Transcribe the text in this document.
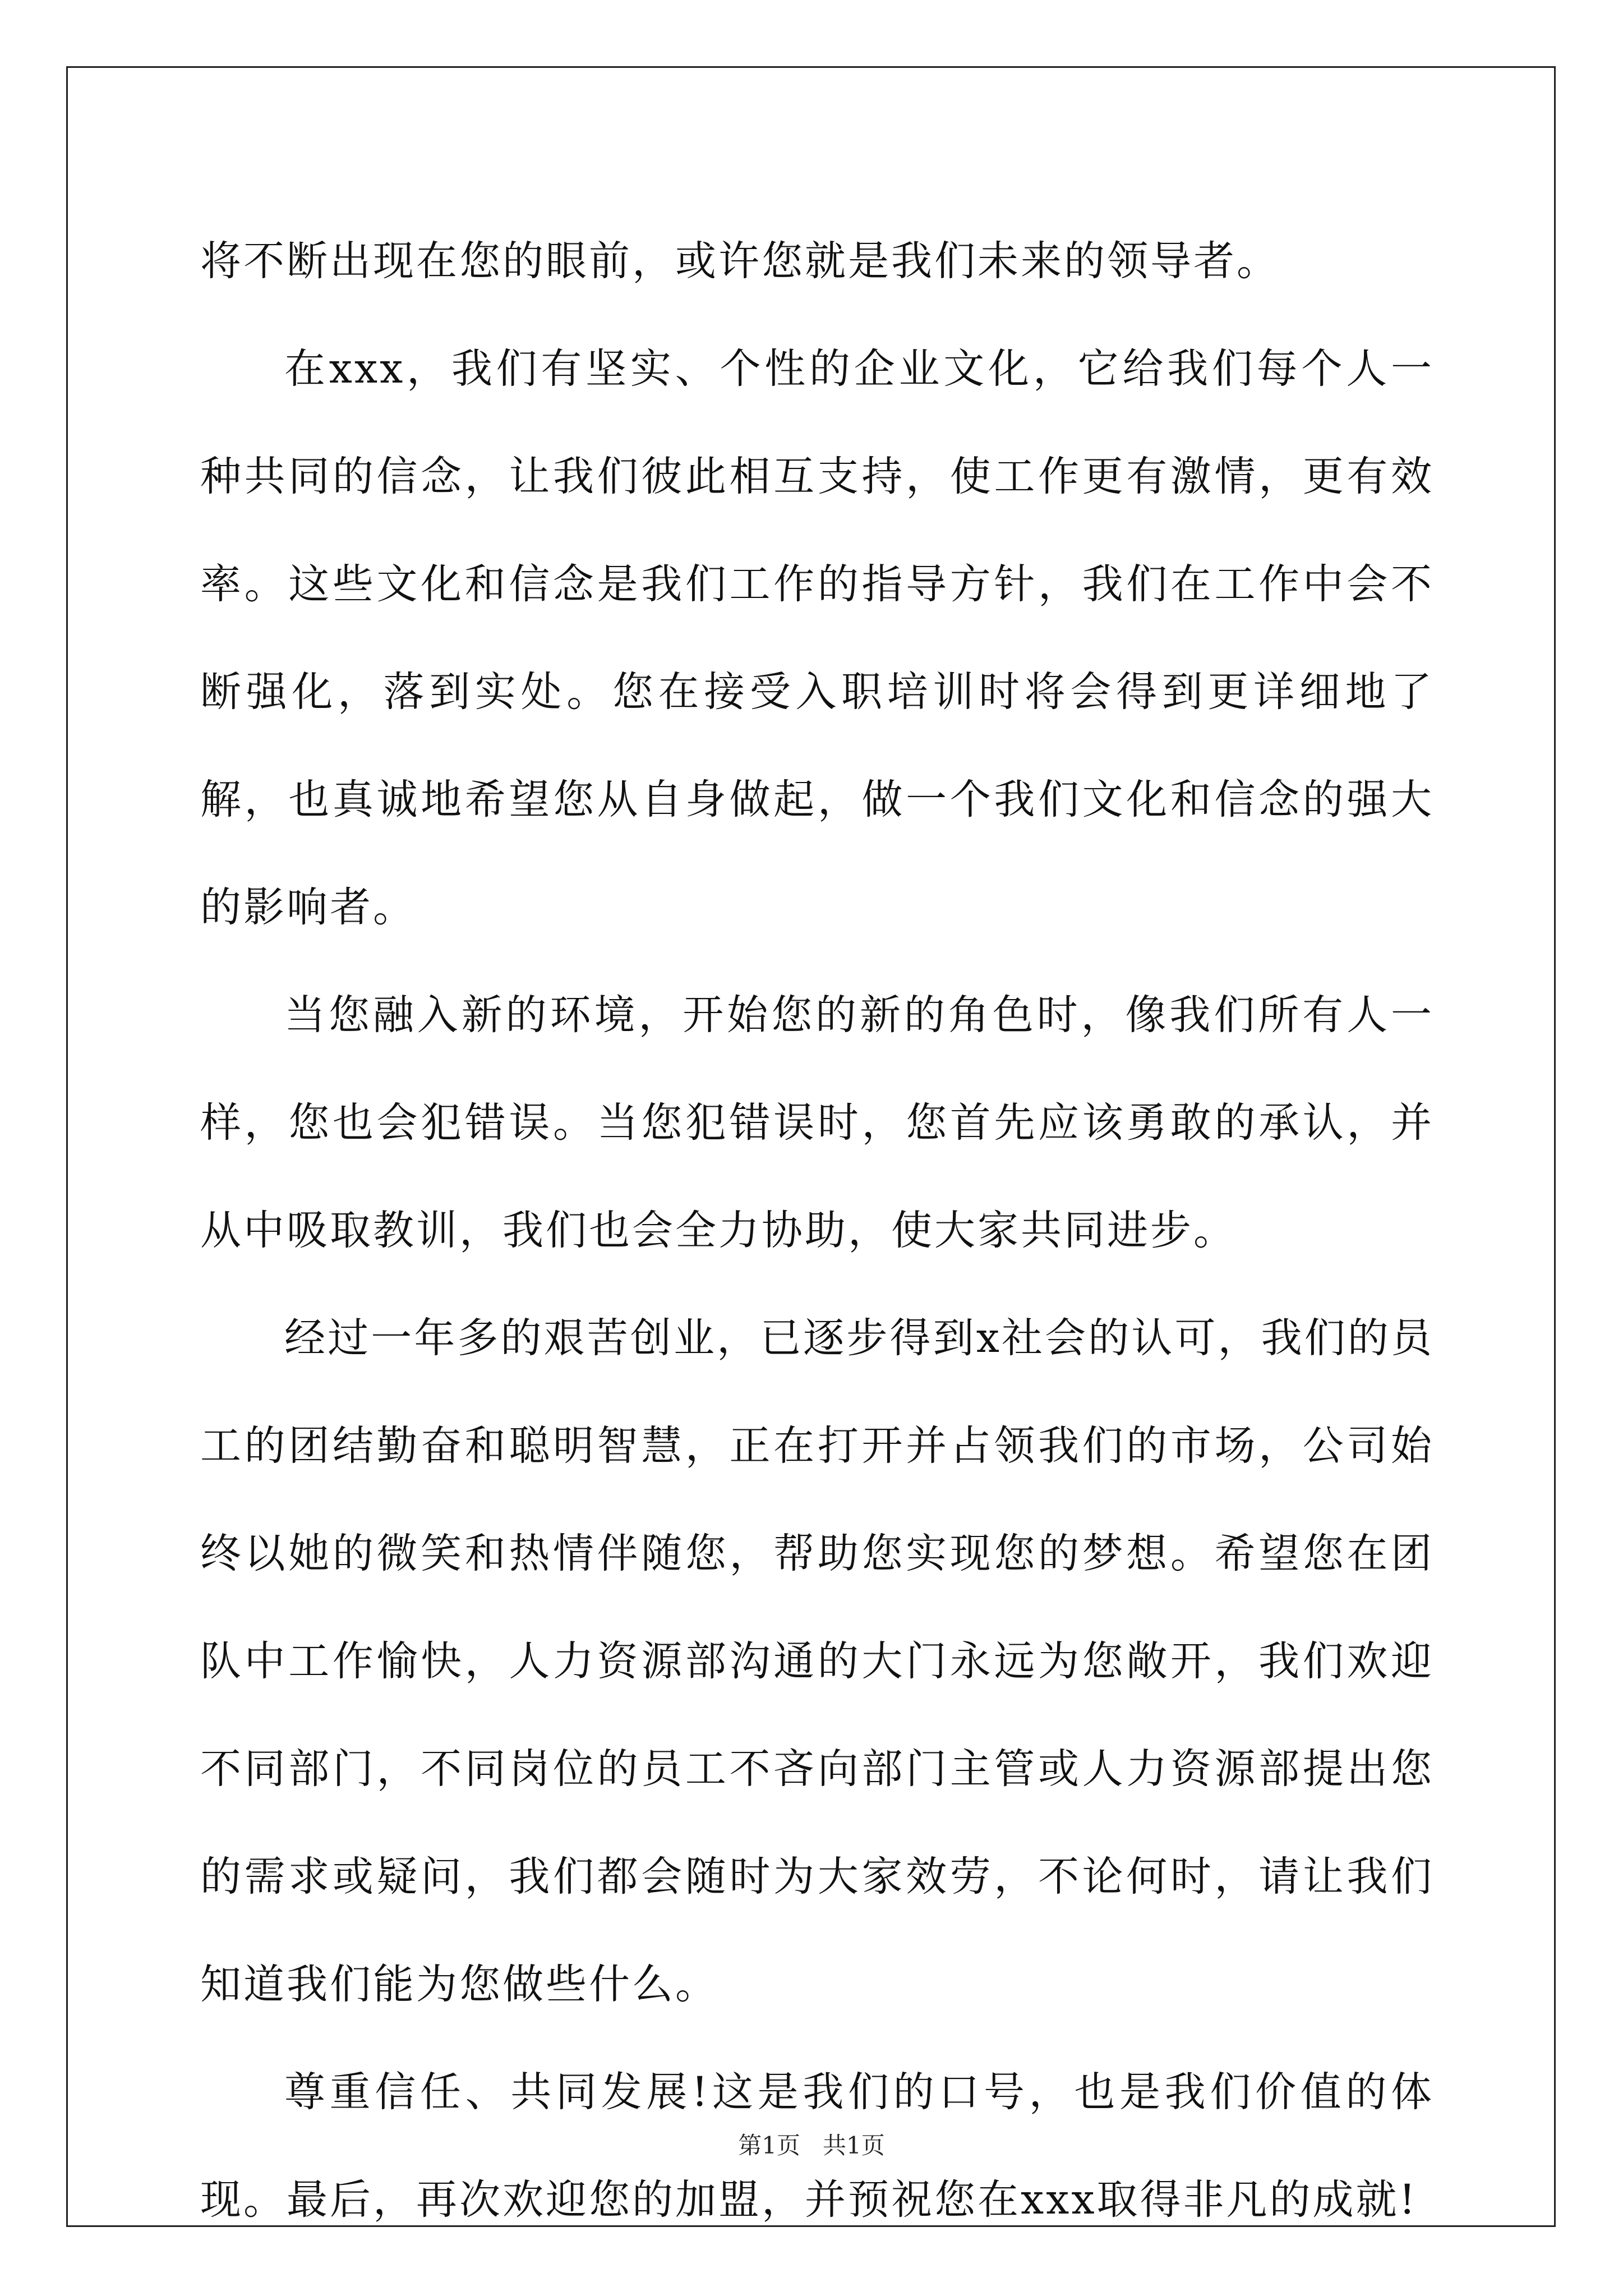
将不断出现在您的眼前，或许您就是我们未来的领导者。

在xxx，我们有坚实、个性的企业文化，它给我们每个人一种共同的信念，让我们彼此相互支持，使工作更有激情，更有效率。这些文化和信念是我们工作的指导方针，我们在工作中会不断强化，落到实处。您在接受入职培训时将会得到更详细地了解，也真诚地希望您从自身做起，做一个我们文化和信念的强大的影响者。

当您融入新的环境，开始您的新的角色时，像我们所有人一样，您也会犯错误。当您犯错误时，您首先应该勇敢的承认，并从中吸取教训，我们也会全力协助，使大家共同进步。

经过一年多的艰苦创业，已逐步得到x社会的认可，我们的员工的团结勤奋和聪明智慧，正在打开并占领我们的市场，公司始终以她的微笑和热情伴随您，帮助您实现您的梦想。希望您在团队中工作愉快，人力资源部沟通的大门永远为您敞开，我们欢迎不同部门，不同岗位的员工不吝向部门主管或人力资源部提出您的需求或疑问，我们都会随时为大家效劳，不论何时，请让我们知道我们能为您做些什么。

尊重信任、共同发展!这是我们的口号，也是我们价值的体现。最后，再次欢迎您的加盟，并预祝您在xxx取得非凡的成就!

第1页 共1页
